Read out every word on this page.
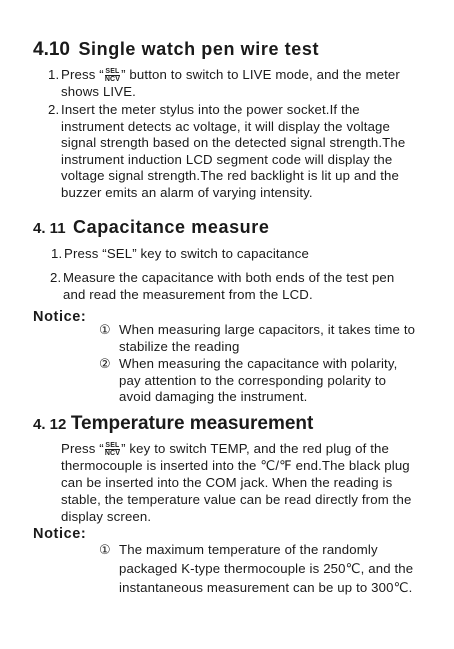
4.10 Single watch pen wire test
1. Press “ SEL
NCV ” button to switch to LIVE mode, and the meter shows LIVE.
2. Insert the meter stylus into the power socket.If the instrument detects ac voltage, it will display the voltage signal strength based on the detected signal strength.The instrument induction LCD segment code will display the voltage signal strength.The red backlight is lit up and the buzzer emits an alarm of varying intensity.
4. 11 Capacitance measure
1. Press “SEL” key to switch to capacitance
2. Measure the capacitance with both ends of the test pen and read the measurement from the LCD.
Notice:
① When measuring large capacitors, it takes time to stabilize the reading
② When measuring the capacitance with polarity, pay attention to the corresponding polarity to avoid damaging the instrument.
4. 12 Temperature measurement
Press “ SEL
NCV ” key to switch TEMP, and the red plug of the thermocouple is inserted into the ℃/℉ end.The black plug can be inserted into the COM jack. When the reading is stable, the temperature value can be read directly from the display screen.
Notice:
① The maximum temperature of the randomly packaged K-type thermocouple is 250℃, and the instantaneous measurement can be up to 300℃.
